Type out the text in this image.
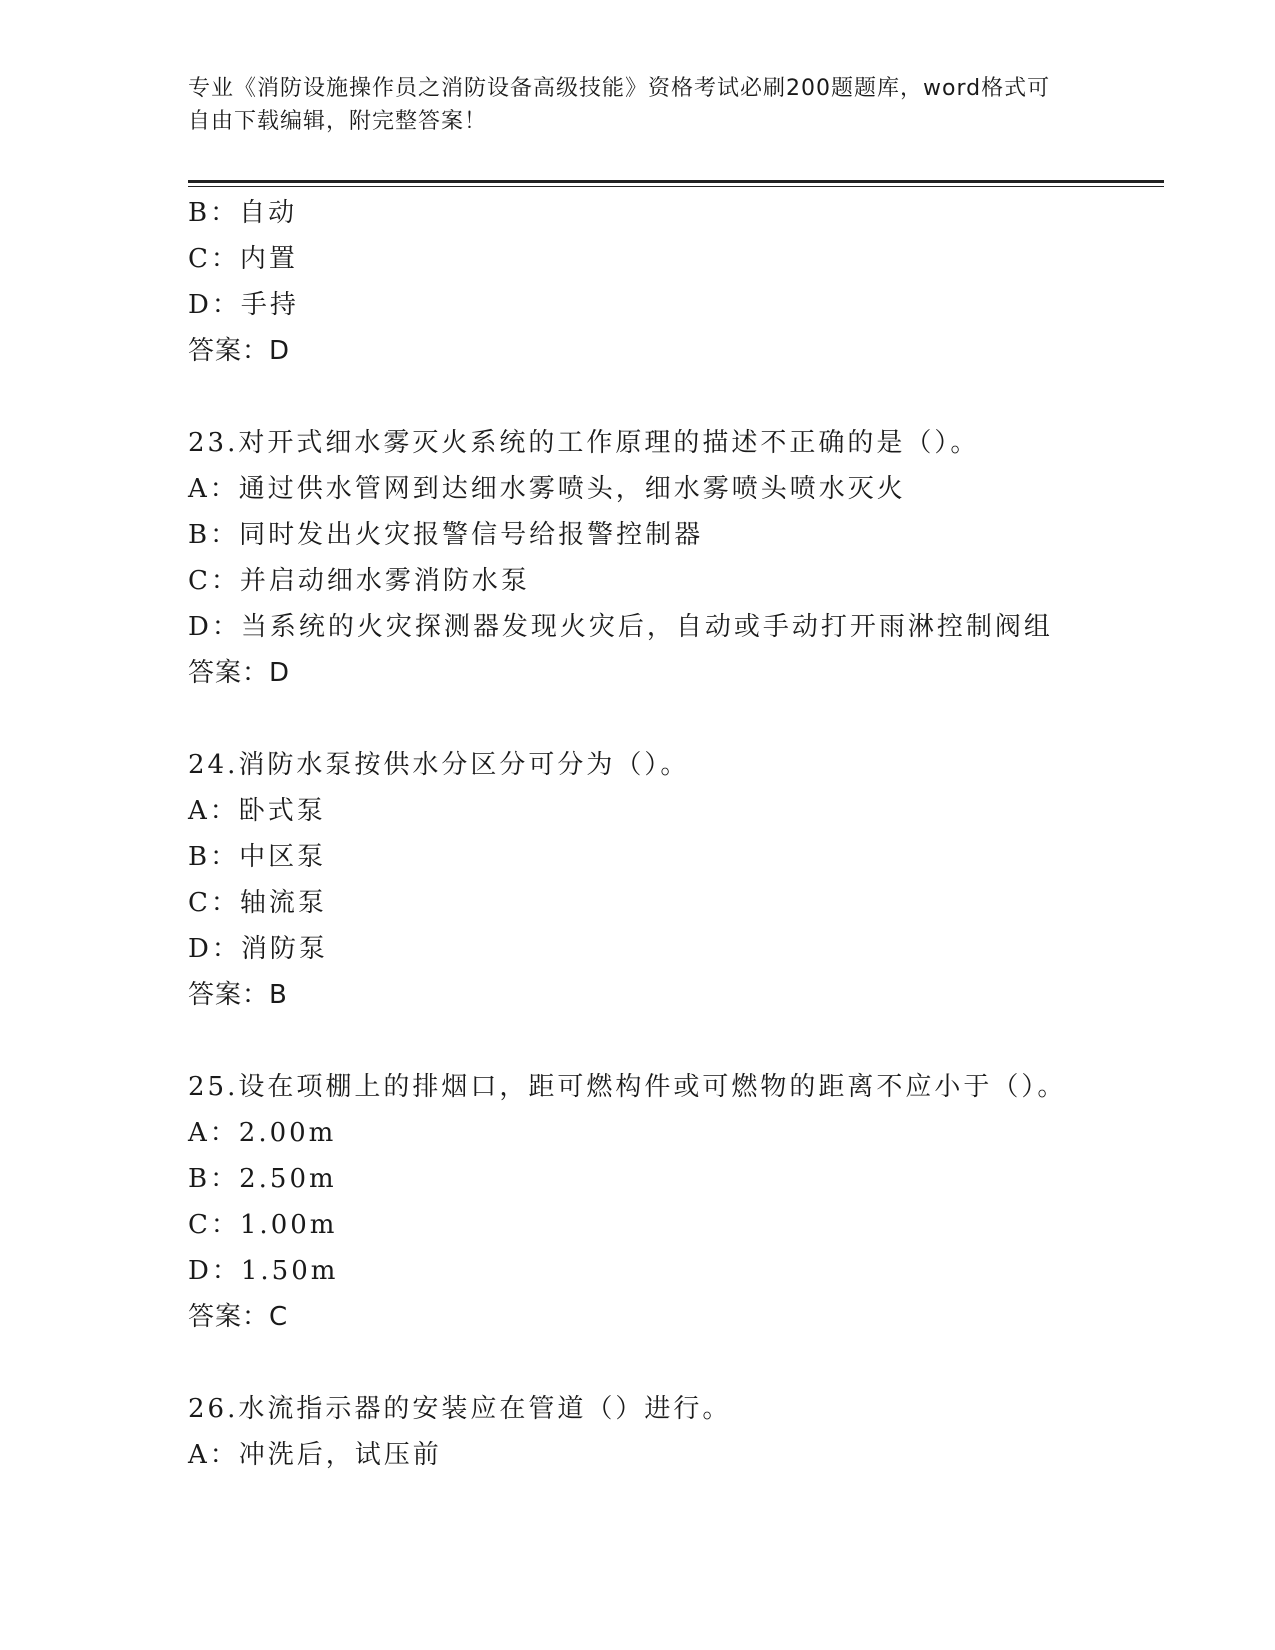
专业《消防设施操作员之消防设备高级技能》资格考试必刷200题题库，word格式可自由下载编辑，附完整答案！
B：自动
C：内置
D：手持
答案：D
23.对开式细水雾灭火系统的工作原理的描述不正确的是（）。
A：通过供水管网到达细水雾喷头，细水雾喷头喷水灭火
B：同时发出火灾报警信号给报警控制器
C：并启动细水雾消防水泵
D：当系统的火灾探测器发现火灾后，自动或手动打开雨淋控制阀组
答案：D
24.消防水泵按供水分区分可分为（）。
A：卧式泵
B：中区泵
C：轴流泵
D：消防泵
答案：B
25.设在项棚上的排烟口，距可燃构件或可燃物的距离不应小于（）。
A：2.00m
B：2.50m
C：1.00m
D：1.50m
答案：C
26.水流指示器的安装应在管道（）进行。
A：冲洗后，试压前
